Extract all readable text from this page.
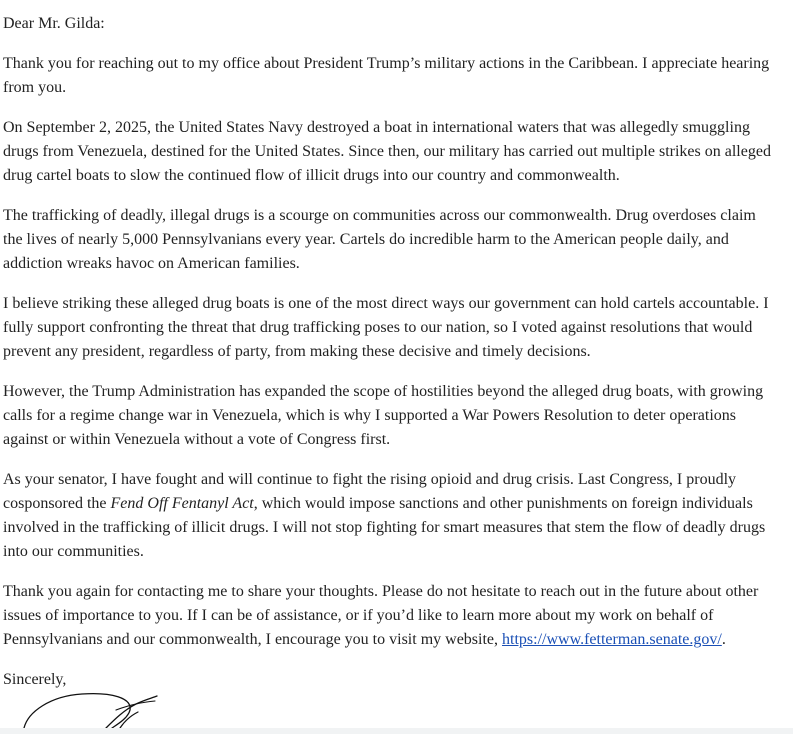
Dear Mr. Gilda:

Thank you for reaching out to my office about President Trump’s military actions in the Caribbean. I appreciate hearing from you.

On September 2, 2025, the United States Navy destroyed a boat in international waters that was allegedly smuggling drugs from Venezuela, destined for the United States. Since then, our military has carried out multiple strikes on alleged drug cartel boats to slow the continued flow of illicit drugs into our country and commonwealth.

The trafficking of deadly, illegal drugs is a scourge on communities across our commonwealth. Drug overdoses claim the lives of nearly 5,000 Pennsylvanians every year. Cartels do incredible harm to the American people daily, and addiction wreaks havoc on American families.

I believe striking these alleged drug boats is one of the most direct ways our government can hold cartels accountable. I fully support confronting the threat that drug trafficking poses to our nation, so I voted against resolutions that would prevent any president, regardless of party, from making these decisive and timely decisions.

However, the Trump Administration has expanded the scope of hostilities beyond the alleged drug boats, with growing calls for a regime change war in Venezuela, which is why I supported a War Powers Resolution to deter operations against or within Venezuela without a vote of Congress first.

As your senator, I have fought and will continue to fight the rising opioid and drug crisis. Last Congress, I proudly cosponsored the Fend Off Fentanyl Act, which would impose sanctions and other punishments on foreign individuals involved in the trafficking of illicit drugs. I will not stop fighting for smart measures that stem the flow of deadly drugs into our communities.

Thank you again for contacting me to share your thoughts. Please do not hesitate to reach out in the future about other issues of importance to you. If I can be of assistance, or if you’d like to learn more about my work on behalf of Pennsylvanians and our commonwealth, I encourage you to visit my website, https://www.fetterman.senate.gov/.

Sincerely,
